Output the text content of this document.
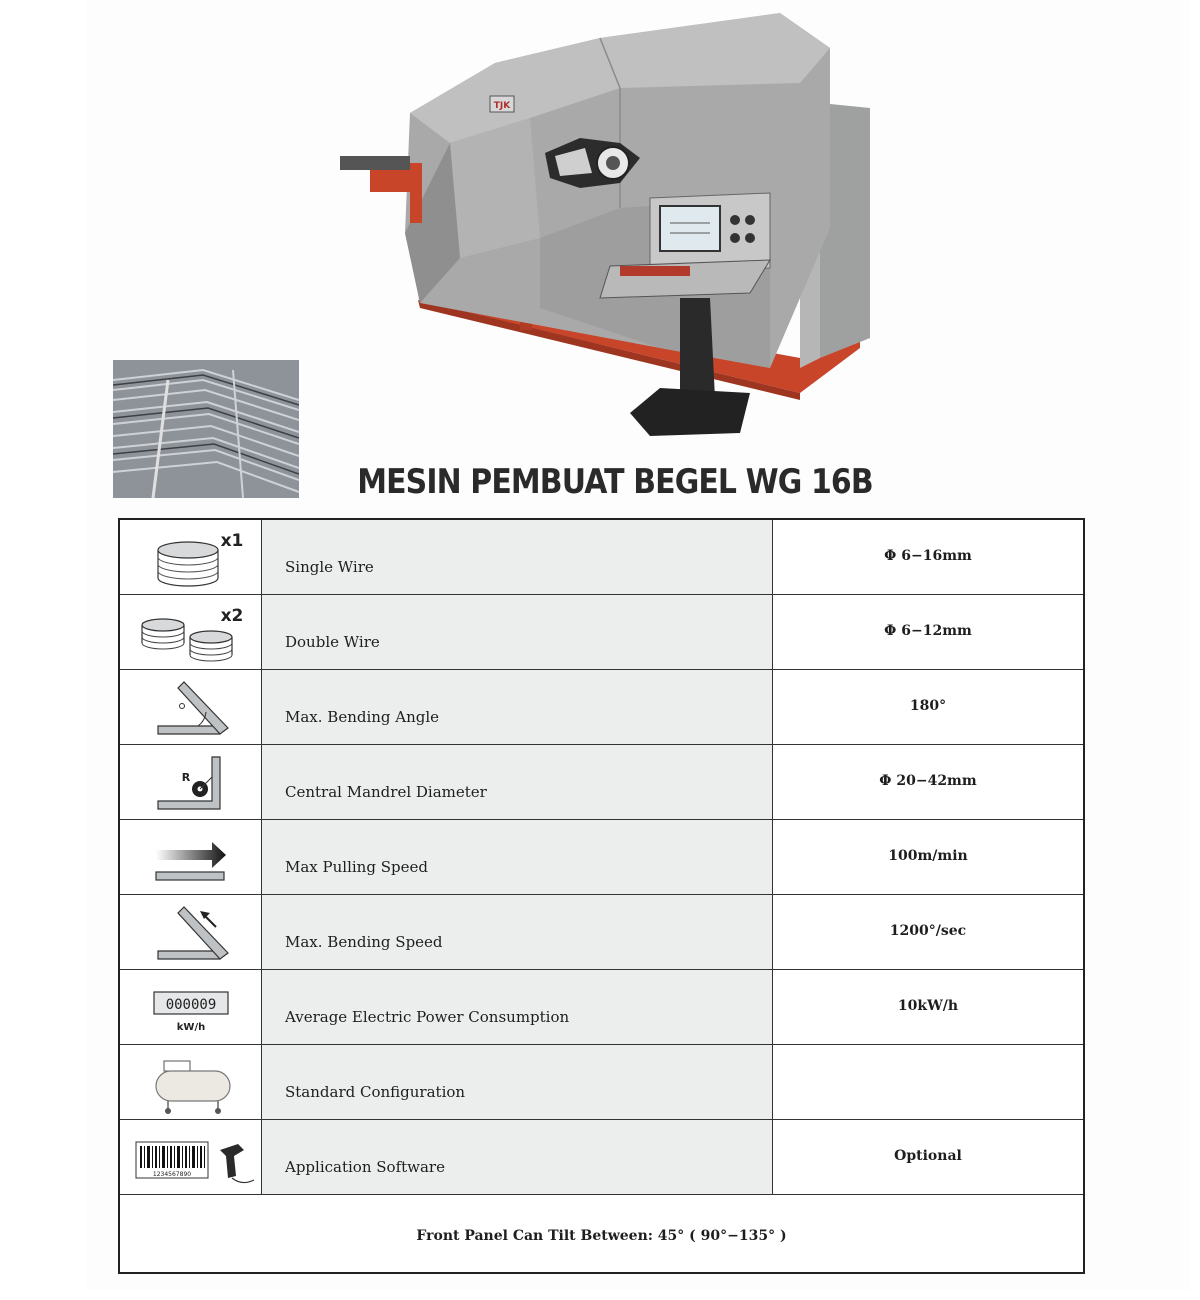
TJK
MESIN PEMBUAT BEGEL WG 16B
x1
Single Wire
Φ 6−16mm
x2
Double Wire
Φ 6−12mm
Max. Bending Angle
180°
R
Central Mandrel Diameter
Φ 20−42mm
Max Pulling Speed
100m/min
Max. Bending Speed
1200°/sec
000009
kW/h
Average Electric Power Consumption
10kW/h
Standard Configuration
1234567890	Application Software
Optional
Front Panel Can Tilt Between: 45° ( 90°−135° )
